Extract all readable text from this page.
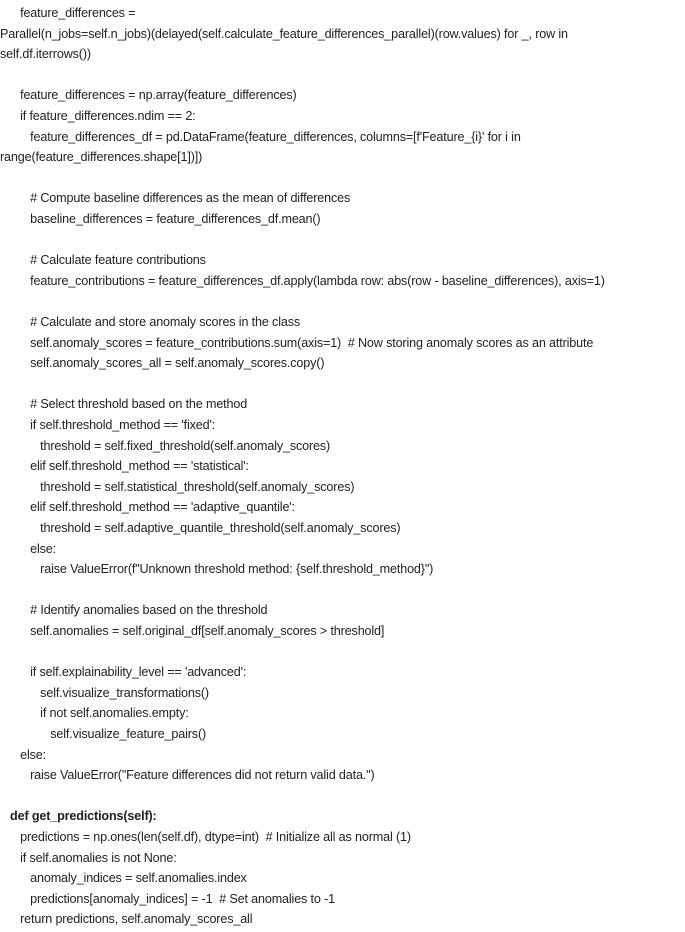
feature_differences =
Parallel(n_jobs=self.n_jobs)(delayed(self.calculate_feature_differences_parallel)(row.values) for _, row in
self.df.iterrows())
feature_differences = np.array(feature_differences)
if feature_differences.ndim == 2:
feature_differences_df = pd.DataFrame(feature_differences, columns=[f'Feature_{i}' for i in
range(feature_differences.shape[1])])
# Compute baseline differences as the mean of differences
baseline_differences = feature_differences_df.mean()
# Calculate feature contributions
feature_contributions = feature_differences_df.apply(lambda row: abs(row - baseline_differences), axis=1)
# Calculate and store anomaly scores in the class
self.anomaly_scores = feature_contributions.sum(axis=1)  # Now storing anomaly scores as an attribute
self.anomaly_scores_all = self.anomaly_scores.copy()
# Select threshold based on the method
if self.threshold_method == 'fixed':
threshold = self.fixed_threshold(self.anomaly_scores)
elif self.threshold_method == 'statistical':
threshold = self.statistical_threshold(self.anomaly_scores)
elif self.threshold_method == 'adaptive_quantile':
threshold = self.adaptive_quantile_threshold(self.anomaly_scores)
else:
raise ValueError(f"Unknown threshold method: {self.threshold_method}")
# Identify anomalies based on the threshold
self.anomalies = self.original_df[self.anomaly_scores > threshold]
if self.explainability_level == 'advanced':
self.visualize_transformations()
if not self.anomalies.empty:
self.visualize_feature_pairs()
else:
raise ValueError("Feature differences did not return valid data.")
def get_predictions(self):
predictions = np.ones(len(self.df), dtype=int)  # Initialize all as normal (1)
if self.anomalies is not None:
anomaly_indices = self.anomalies.index
predictions[anomaly_indices] = -1  # Set anomalies to -1
return predictions, self.anomaly_scores_all
